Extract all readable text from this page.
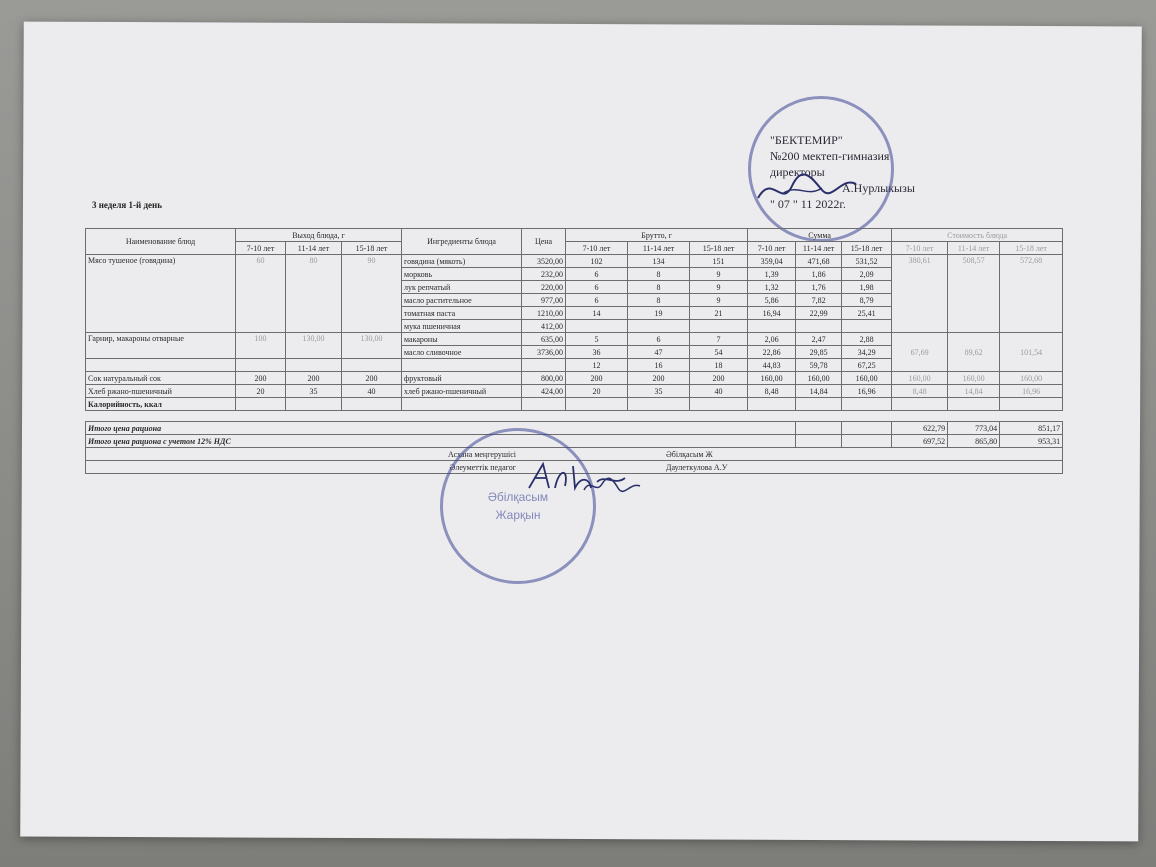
"БЕКТЕМИР"
№200 мектеп-гимназия
директоры
А.Нурлыкызы
" 07 " 11 2022г.
3 неделя 1-й день
Наименование блюд	Выход блюда, г			Ингредиенты блюда	Цена	Брутто, г			Сумма			Стоимость блюда		
	7-10 лет	11-14 лет	15-18 лет			7-10 лет	11-14 лет	15-18 лет	7-10 лет	11-14 лет	15-18 лет	7-10 лет	11-14 лет	15-18 лет
Мясо тушеное (говядина)	60	80	90	говядина (мякоть)	3520,00	102	134	151	359,04	471,68	531,52	380,61	508,57	572,68
				морковь	232,00	6	8	9	1,39	1,86	2,09			
				лук репчатый	220,00	6	8	9	1,32	1,76	1,98			
				масло растительное	977,00	6	8	9	5,86	7,82	8,79			
				томатная паста	1210,00	14	19	21	16,94	22,99	25,41			
				мука пшеничная	412,00									
Гарнир, макароны отварные	100	130,00	130,00	макароны	635,00	5	6	7	2,06	2,47	2,88	67,69	89,62	101,54
				масло сливочное	3736,00	36	47	54	22,86	29,85	34,29			
						12	16	18	44,83	59,78	67,25			
Сок натуральный сок	200	200	200	фруктовый	800,00	200	200	200	160,00	160,00	160,00	160,00	160,00	160,00
Хлеб ржано-пшеничный	20	35	40	хлеб ржано-пшеничный	424,00	20	35	40	8,48	14,84	16,96	8,48	14,84	16,96
Калорийность, ккал														

Итого цена рациона												622,79	773,04	851,17
Итого цена рациона с учетом 12% НДС												697,52	865,80	953,31
Асхана меңгерушісі Әбілқасым Ж														
Әлеуметтік педагог Даулеткулова А.У														
Әбілқасым
Жарқын
